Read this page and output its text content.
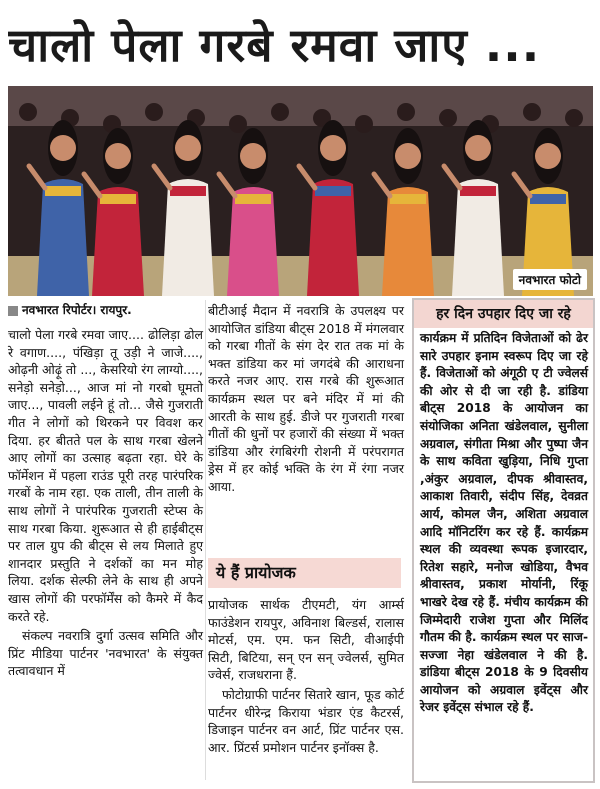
चालो पेला गरबे रमवा जाए ...
नवभारत फोटो
नवभारत रिपोर्टर। रायपुर.

चालो पेला गरबे रमवा जाए.... ढोलिड़ा ढोल रे वगाण...., पंखिड़ा तू उड़ी ने जाजे...., ओढ़नी ओढ़ूं तो ..., केसरियो रंग लाग्यो...., सनेड़ो सनेड़ो..., आज मां नो गरबो घूमतो जाए..., पावली लईने हूं तो... जैसे गुजराती गीत ने लोगों को थिरकने पर विवश कर दिया. हर बीतते पल के साथ गरबा खेलने आए लोगों का उत्साह बढ़ता रहा. घेरे के फॉर्मेशन में पहला राउंड पूरी तरह पारंपरिक गरबों के नाम रहा. एक ताली, तीन ताली के साथ लोगों ने पारंपरिक गुजराती स्टेप्स के साथ गरबा किया. शुरूआत से ही हाईबीट्स पर ताल ग्रुप की बीट्स से लय मिलाते हुए शानदार प्रस्तुति ने दर्शकों का मन मोह लिया. दर्शक सेल्फी लेने के साथ ही अपने खास लोगों की परफॉर्मेंस को कैमरे में कैद करते रहे.

संकल्प नवरात्रि दुर्गा उत्सव समिति और प्रिंट मीडिया पार्टनर 'नवभारत' के संयुक्त तत्वावधान में

बीटीआई मैदान में नवरात्रि के उपलक्ष्य पर आयोजित डांडिया बीट्स 2018 में मंगलवार को गरबा गीतों के संग देर रात तक मां के भक्त डांडिया कर मां जगदंबे की आराधना करते नजर आए. रास गरबे की शुरूआत कार्यक्रम स्थल पर बने मंदिर में मां की आरती के साथ हुई. डीजे पर गुजराती गरबा गीतों की धुनों पर हजारों की संख्या में भक्त डांडिया और रंगबिरंगी रोशनी में परंपरागत ड्रेस में हर कोई भक्ति के रंग में रंगा नजर आया.

ये हैं प्रायोजक

प्रायोजक सार्थक टीएमटी, यंग आर्म्स फाउंडेशन रायपुर, अविनाश बिल्डर्स, रालास मोटर्स, एम. एम. फन सिटी, वीआईपी सिटी, बिटिया, सन् एन सन् ज्वेलर्स, सुमित ज्वेर्स, राजधराना हैं.

फोटोग्राफी पार्टनर सितारे खान, फूड कोर्ट पार्टनर धीरेन्द्र किराया भंडार एंड कैटरर्स, डिजाइन पार्टनर वन आर्ट, प्रिंट पार्टनर एस. आर. प्रिंटर्स प्रमोशन पार्टनर इनॉक्स है.

हर दिन उपहार दिए जा रहे
कार्यक्रम में प्रतिदिन विजेताओं को ढेर सारे उपहार इनाम स्वरूप दिए जा रहे हैं. विजेताओं को अंगूठी ए टी ज्वेलर्स की ओर से दी जा रही है. डांडिया बीट्स 2018 के आयोजन का संयोजिका अनिता खंडेलवाल, सुनीला अग्रवाल, संगीता मिश्रा और पुष्पा जैन के साथ कविता खुड़िया, निधि गुप्ता ,अंकुर अग्रवाल, दीपक श्रीवास्तव, आकाश तिवारी, संदीप सिंह, देवव्रत आर्य, कोमल जैन, अशिता अग्रवाल आदि मॉनिटरिंग कर रहे हैं. कार्यक्रम स्थल की व्यवस्था रूपक इजारदार, रितेश सहारे, मनोज खोडिया, वैभव श्रीवास्तव, प्रकाश मोर्यानी, रिंकू भाखरे देख रहे हैं. मंचीय कार्यक्रम की जिम्मेदारी राजेश गुप्ता और मिलिंद गौतम की है. कार्यक्रम स्थल पर साज-सज्जा नेहा खंडेलवाल ने की है. डांडिया बीट्स 2018 के 9 दिवसीय आयोजन को अग्रवाल इवेंट्स और रेजर इवेंट्स संभाल रहे हैं.
